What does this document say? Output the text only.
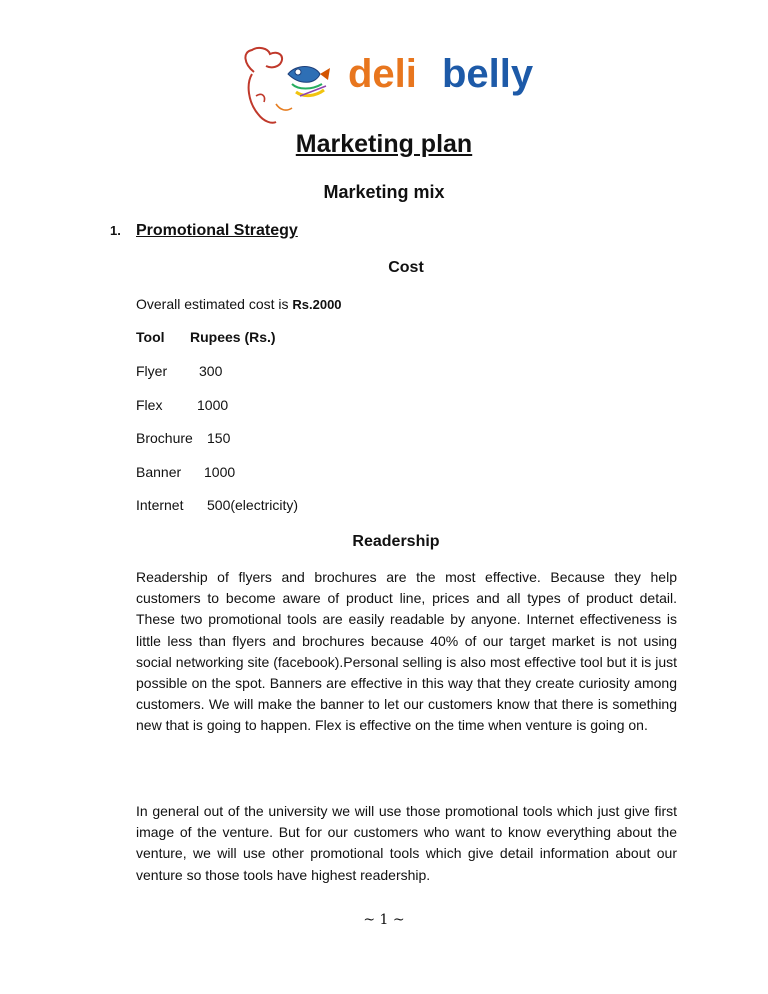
deli belly
Marketing plan
Marketing mix
1. Promotional Strategy
Cost
Overall estimated cost is Rs.2000
Tool Rupees (Rs.)
Flyer 300
Flex 1000
Brochure 150
Banner 1000
Internet 500(electricity)
Readership
Readership of flyers and brochures are the most effective. Because they help customers to become aware of product line, prices and all types of product detail. These two promotional tools are easily readable by anyone. Internet effectiveness is little less than flyers and brochures because 40% of our target market is not using social networking site (facebook).Personal selling is also most effective tool but it is just possible on the spot. Banners are effective in this way that they create curiosity among customers. We will make the banner to let our customers know that there is something new that is going to happen. Flex is effective on the time when venture is going on.
In general out of the university we will use those promotional tools which just give first image of the venture. But for our customers who want to know everything about the venture, we will use other promotional tools which give detail information about our venture so those tools have highest readership.
~ 1 ~
